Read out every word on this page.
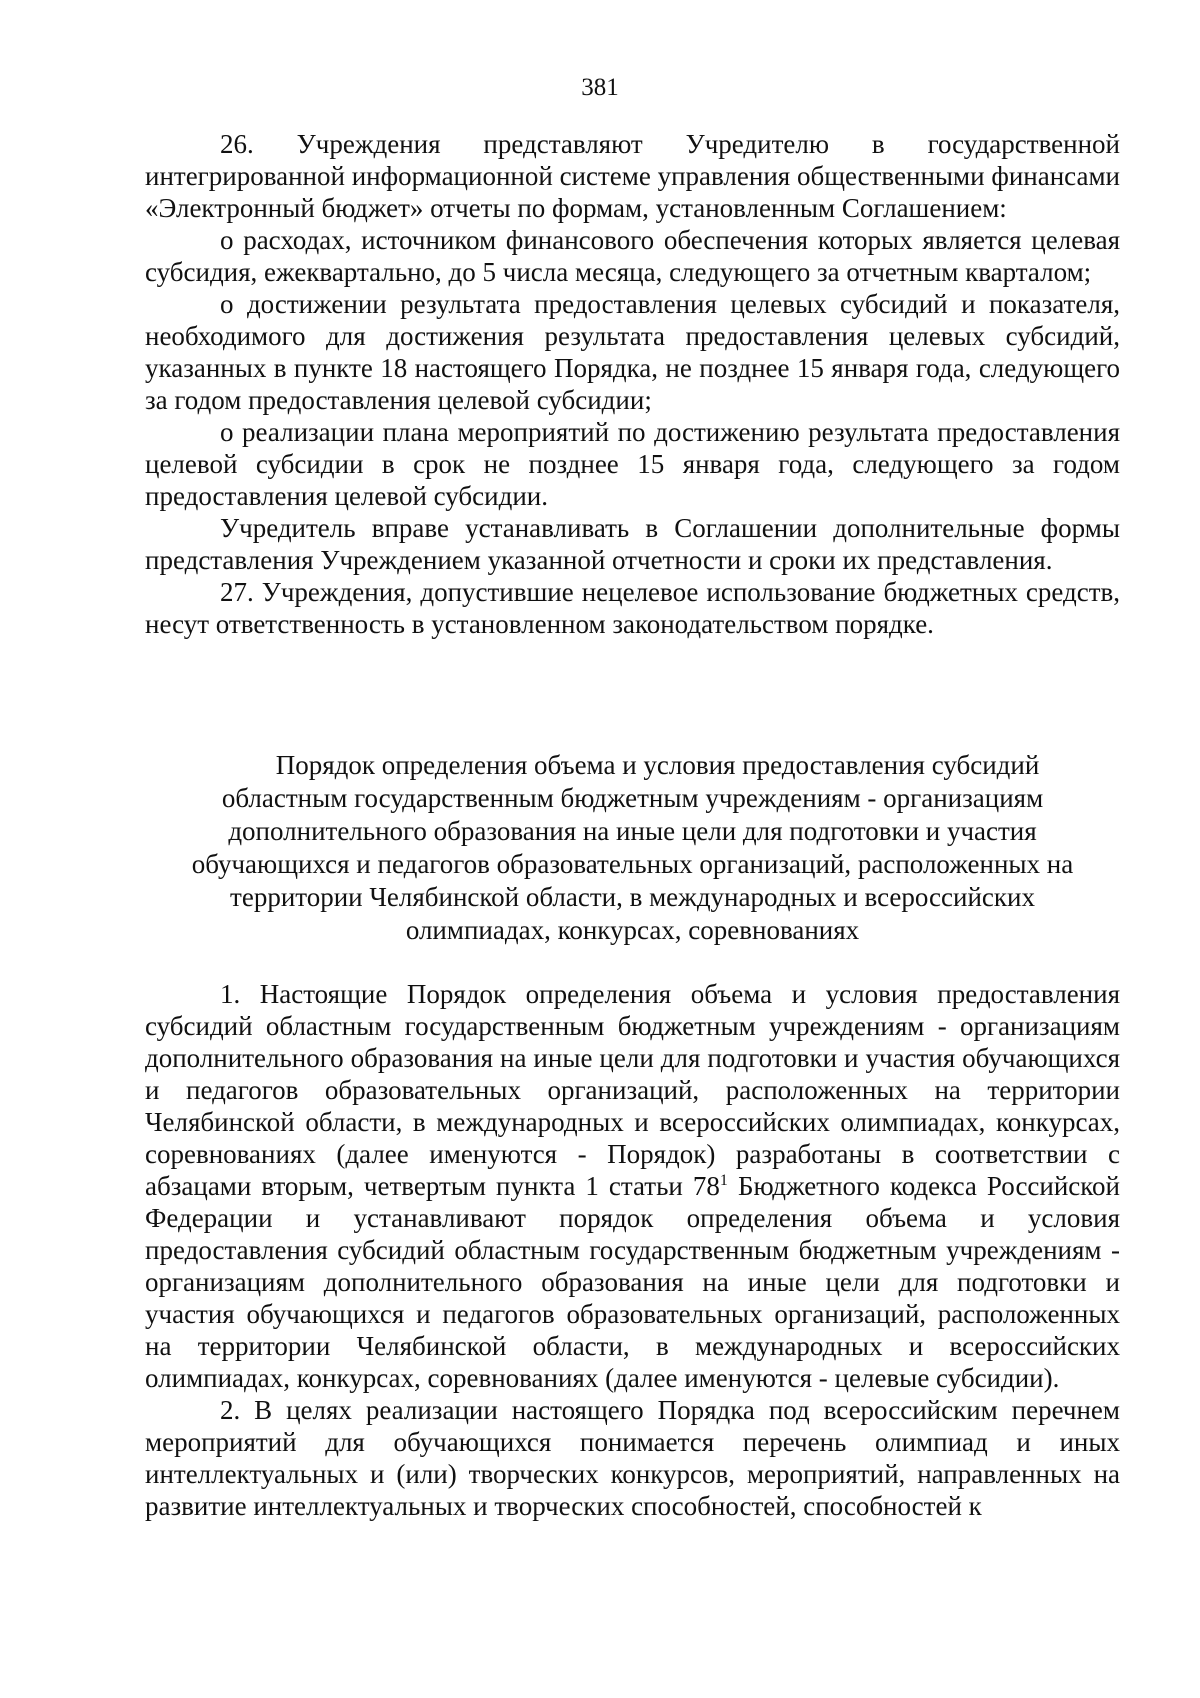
381

26. Учреждения представляют Учредителю в государственной интегрированной информационной системе управления общественными финансами «Электронный бюджет» отчеты по формам, установленным Соглашением:

о расходах, источником финансового обеспечения которых является целевая субсидия, ежеквартально, до 5 числа месяца, следующего за отчетным кварталом;

о достижении результата предоставления целевых субсидий и показателя, необходимого для достижения результата предоставления целевых субсидий, указанных в пункте 18 настоящего Порядка, не позднее 15 января года, следующего за годом предоставления целевой субсидии;

о реализации плана мероприятий по достижению результата предоставления целевой субсидии в срок не позднее 15 января года, следующего за годом предоставления целевой субсидии.

Учредитель вправе устанавливать в Соглашении дополнительные формы представления Учреждением указанной отчетности и сроки их представления.

27. Учреждения, допустившие нецелевое использование бюджетных средств, несут ответственность в установленном законодательством порядке.

Порядок определения объема и условия предоставления субсидий
областным государственным бюджетным учреждениям - организациям
дополнительного образования на иные цели для подготовки и участия
обучающихся и педагогов образовательных организаций, расположенных на
территории Челябинской области, в международных и всероссийских
олимпиадах, конкурсах, соревнованиях

1. Настоящие Порядок определения объема и условия предоставления субсидий областным государственным бюджетным учреждениям - организациям дополнительного образования на иные цели для подготовки и участия обучающихся и педагогов образовательных организаций, расположенных на территории Челябинской области, в международных и всероссийских олимпиадах, конкурсах, соревнованиях (далее именуются - Порядок) разработаны в соответствии с абзацами вторым, четвертым пункта 1 статьи $78^1$ Бюджетного кодекса Российской Федерации и устанавливают порядок определения объема и условия предоставления субсидий областным государственным бюджетным учреждениям - организациям дополнительного образования на иные цели для подготовки и участия обучающихся и педагогов образовательных организаций, расположенных на территории Челябинской области, в международных и всероссийских олимпиадах, конкурсах, соревнованиях (далее именуются - целевые субсидии).

2. В целях реализации настоящего Порядка под всероссийским перечнем мероприятий для обучающихся понимается перечень олимпиад и иных интеллектуальных и (или) творческих конкурсов, мероприятий, направленных на развитие интеллектуальных и творческих способностей, способностей к
